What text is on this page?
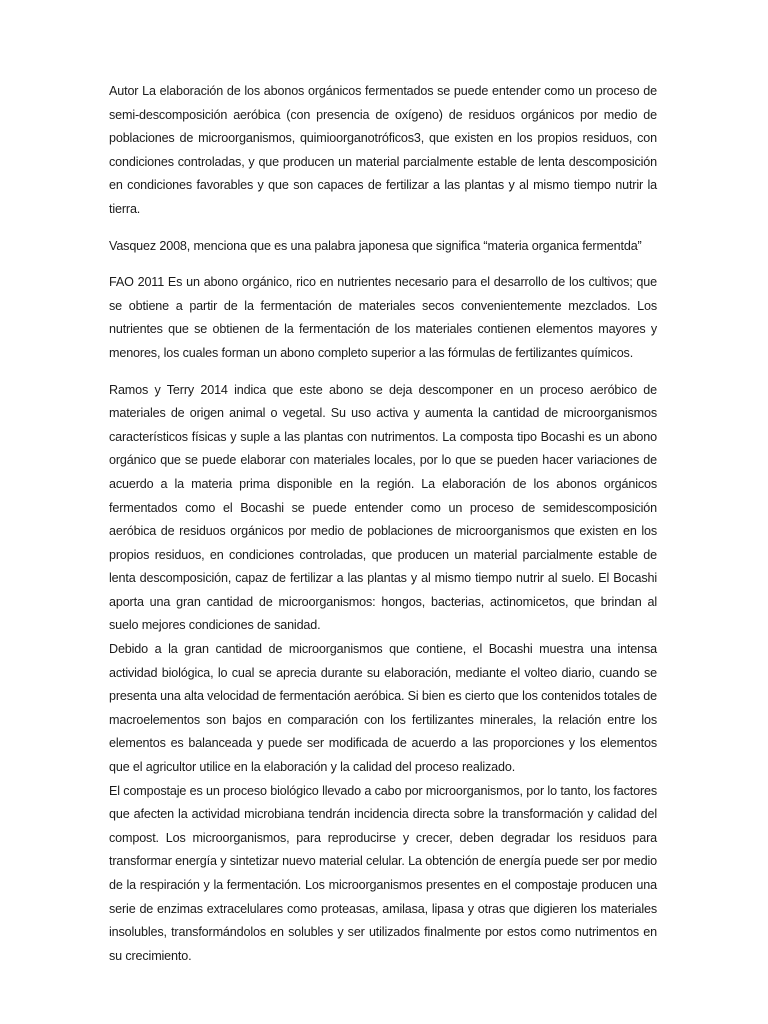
Autor La elaboración de los abonos orgánicos fermentados se puede entender como un proceso de semi-descomposición aeróbica (con presencia de oxígeno) de residuos orgánicos por medio de poblaciones de microorganismos, quimioorganotróficos3, que existen en los propios residuos, con condiciones controladas, y que producen un material parcialmente estable de lenta descomposición en condiciones favorables y que son capaces de fertilizar a las plantas y al mismo tiempo nutrir la tierra.

Vasquez 2008, menciona que es una palabra japonesa que significa “materia organica fermentda”

FAO 2011 Es un abono orgánico, rico en nutrientes necesario para el desarrollo de los cultivos; que se obtiene a partir de la fermentación de materiales secos convenientemente mezclados. Los nutrientes que se obtienen de la fermentación de los materiales contienen elementos mayores y menores, los cuales forman un abono completo superior a las fórmulas de fertilizantes químicos.

Ramos y Terry 2014 indica que este abono se deja descomponer en un proceso aeróbico de materiales de origen animal o vegetal. Su uso activa y aumenta la cantidad de microorganismos característicos físicas y suple a las plantas con nutrimentos. La composta tipo Bocashi es un abono orgánico que se puede elaborar con materiales locales, por lo que se pueden hacer variaciones de acuerdo a la materia prima disponible en la región. La elaboración de los abonos orgánicos fermentados como el Bocashi se puede entender como un proceso de semidescomposición aeróbica de residuos orgánicos por medio de poblaciones de microorganismos que existen en los propios residuos, en condiciones controladas, que producen un material parcialmente estable de lenta descomposición, capaz de fertilizar a las plantas y al mismo tiempo nutrir al suelo. El Bocashi aporta una gran cantidad de microorganismos: hongos, bacterias, actinomicetos, que brindan al suelo mejores condiciones de sanidad.

Debido a la gran cantidad de microorganismos que contiene, el Bocashi muestra una intensa actividad biológica, lo cual se aprecia durante su elaboración, mediante el volteo diario, cuando se presenta una alta velocidad de fermentación aeróbica. Si bien es cierto que los contenidos totales de macroelementos son bajos en comparación con los fertilizantes minerales, la relación entre los elementos es balanceada y puede ser modificada de acuerdo a las proporciones y los elementos que el agricultor utilice en la elaboración y la calidad del proceso realizado.

El compostaje es un proceso biológico llevado a cabo por microorganismos, por lo tanto, los factores que afecten la actividad microbiana tendrán incidencia directa sobre la transformación y calidad del compost. Los microorganismos, para reproducirse y crecer, deben degradar los residuos para transformar energía y sintetizar nuevo material celular. La obtención de energía puede ser por medio de la respiración y la fermentación. Los microorganismos presentes en el compostaje producen una serie de enzimas extracelulares como proteasas, amilasa, lipasa y otras que digieren los materiales insolubles, transformándolos en solubles y ser utilizados finalmente por estos como nutrimentos en su crecimiento.
